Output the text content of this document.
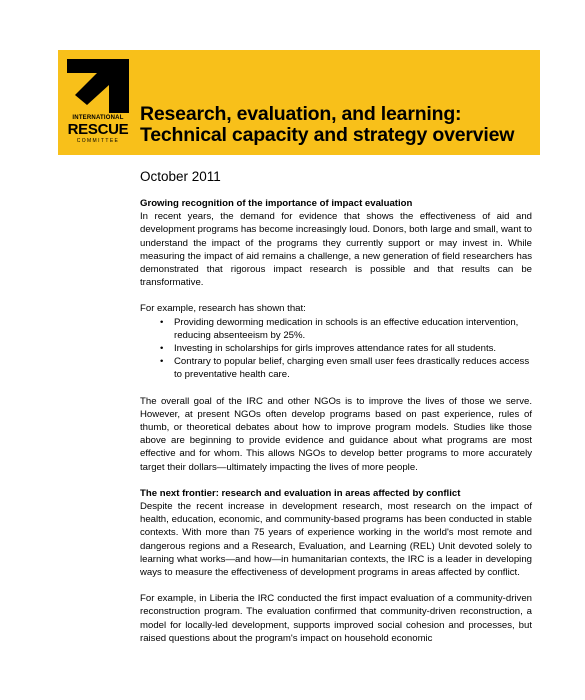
INTERNATIONAL
RESCUE
COMMITTEE
Research, evaluation, and learning:
Technical capacity and strategy overview

October 2011

Growing recognition of the importance of impact evaluation

In recent years, the demand for evidence that shows the effectiveness of aid and development programs has become increasingly loud. Donors, both large and small, want to understand the impact of the programs they currently support or may invest in. While measuring the impact of aid remains a challenge, a new generation of field researchers has demonstrated that rigorous impact research is possible and that results can be transformative.

For example, research has shown that:

• Providing deworming medication in schools is an effective education intervention, reducing absenteeism by 25%.
• Investing in scholarships for girls improves attendance rates for all students.
• Contrary to popular belief, charging even small user fees drastically reduces access to preventative health care.

The overall goal of the IRC and other NGOs is to improve the lives of those we serve. However, at present NGOs often develop programs based on past experience, rules of thumb, or theoretical debates about how to improve program models. Studies like those above are beginning to provide evidence and guidance about what programs are most effective and for whom. This allows NGOs to develop better programs to more accurately target their dollars—ultimately impacting the lives of more people.

The next frontier: research and evaluation in areas affected by conflict

Despite the recent increase in development research, most research on the impact of health, education, economic, and community-based programs has been conducted in stable contexts. With more than 75 years of experience working in the world's most remote and dangerous regions and a Research, Evaluation, and Learning (REL) Unit devoted solely to learning what works—and how—in humanitarian contexts, the IRC is a leader in developing ways to measure the effectiveness of development programs in areas affected by conflict.

For example, in Liberia the IRC conducted the first impact evaluation of a community-driven reconstruction program. The evaluation confirmed that community-driven reconstruction, a model for locally-led development, supports improved social cohesion and processes, but raised questions about the program's impact on household economic
